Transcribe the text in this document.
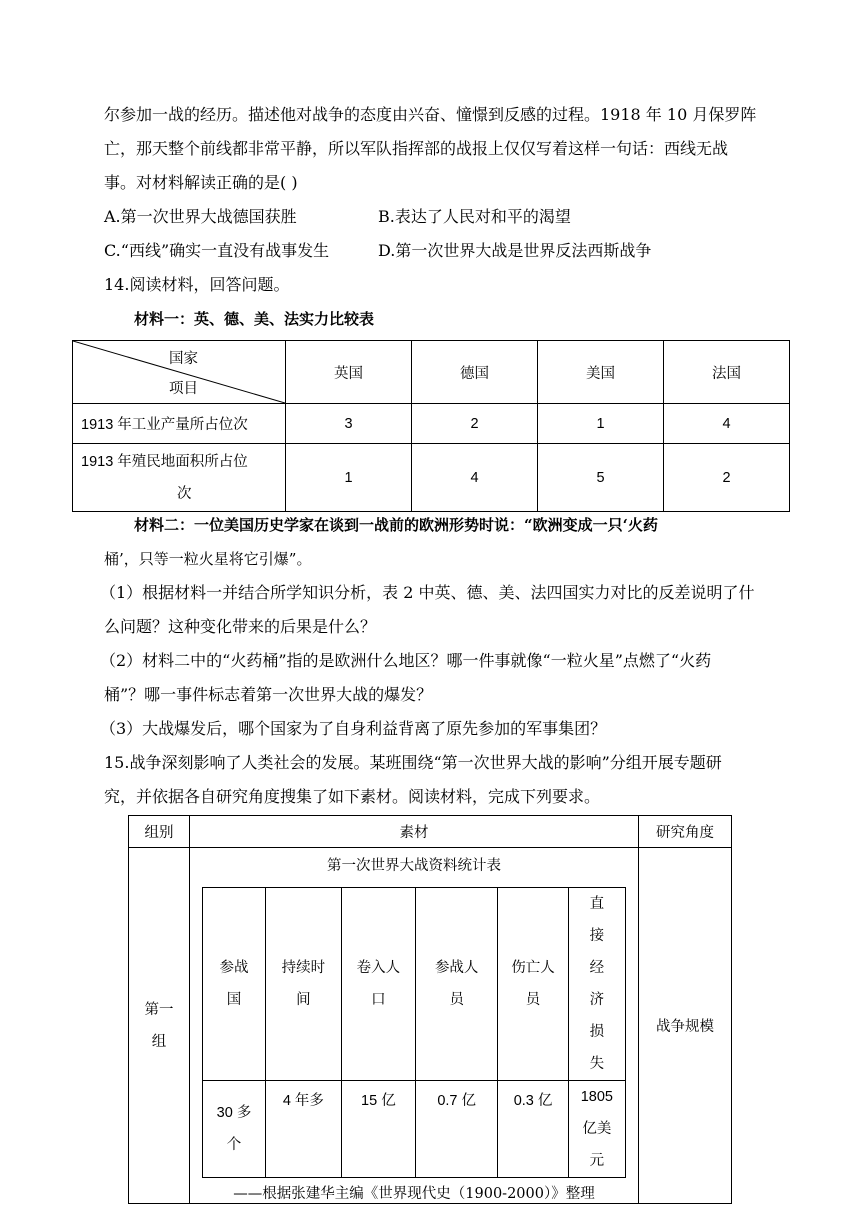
尔参加一战的经历。描述他对战争的态度由兴奋、憧憬到反感的过程。1918 年 10 月保罗阵
亡，那天整个前线都非常平静，所以军队指挥部的战报上仅仅写着这样一句话：西线无战
事。对材料解读正确的是( )
A.第一次世界大战德国获胜	B.表达了人民对和平的渴望
C.“西线”确实一直没有战事发生	D.第一次世界大战是世界反法西斯战争
14.阅读材料，回答问题。
材料一：英、德、美、法实力比较表
国家
项目	英国	德国	美国	法国
1913 年工业产量所占位次	3	2	1	4
1913 年殖民地面积所占位
次	1	4	5	2
材料二：一位美国历史学家在谈到一战前的欧洲形势时说：“欧洲变成一只‘火药
桶’，只等一粒火星将它引爆”。
（1）根据材料一并结合所学知识分析，表 2 中英、德、美、法四国实力对比的反差说明了什
么问题？这种变化带来的后果是什么？
（2）材料二中的“火药桶”指的是欧洲什么地区？哪一件事就像“一粒火星”点燃了“火药
桶”？哪一事件标志着第一次世界大战的爆发？
（3）大战爆发后，哪个国家为了自身利益背离了原先参加的军事集团？
15.战争深刻影响了人类社会的发展。某班围绕“第一次世界大战的影响”分组开展专题研
究，并依据各自研究角度搜集了如下素材。阅读材料，完成下列要求。
组别	素材	研究角度
第一组	
第一次世界大战资料统计表
参战国	持续时间	卷入人口	参战人员	伤亡人员	直接经济损失
30 多个	4 年多	15 亿	0.7 亿	0.3 亿	1805 亿美元
——根据张建华主编《世界现代史（1900-2000）》整理
	战争规模
